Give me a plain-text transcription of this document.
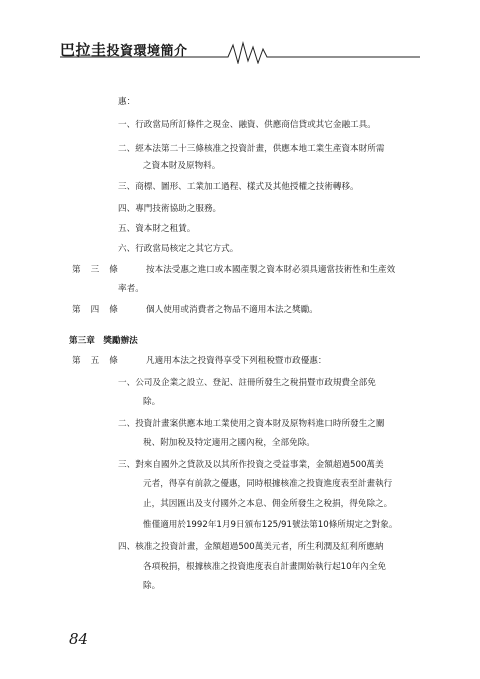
巴拉圭投資環境簡介
惠：
一、行政當局所訂條件之現金、融資、供應商信貸或其它金融工具。
二、經本法第二十三條核准之投資計畫，供應本地工業生產資本財所需
之資本財及原物料。
三、商標、圖形、工業加工過程、樣式及其他授權之技術轉移。
四、專門技術協助之服務。
五、資本財之租賃。
六、行政當局核定之其它方式。
第 三 條	按本法受惠之進口或本國產製之資本財必須具適當技術性和生產效
率者。
第 四 條	個人使用或消費者之物品不適用本法之獎勵。
第三章　獎勵辦法
第 五 條	凡適用本法之投資得享受下列租稅暨市政優惠：
一、公司及企業之設立、登記、註冊所發生之稅捐暨市政規費全部免
除。
二、投資計畫案供應本地工業使用之資本財及原物料進口時所發生之關
稅、附加稅及特定適用之國內稅，全部免除。
三、對來自國外之貸款及以其所作投資之受益事業，金額超過500萬美
元者，得享有前款之優惠，同時根據核准之投資進度表至計畫執行
止，其因匯出及支付國外之本息、佣金所發生之稅捐，得免除之。
惟僅適用於1992年1月9日頒布125/91號法第10條所規定之對象。
四、核准之投資計畫，金額超過500萬美元者，所生利潤及紅利所應納
各項稅捐，根據核准之投資進度表自計畫開始執行起10年內全免
除。
84
